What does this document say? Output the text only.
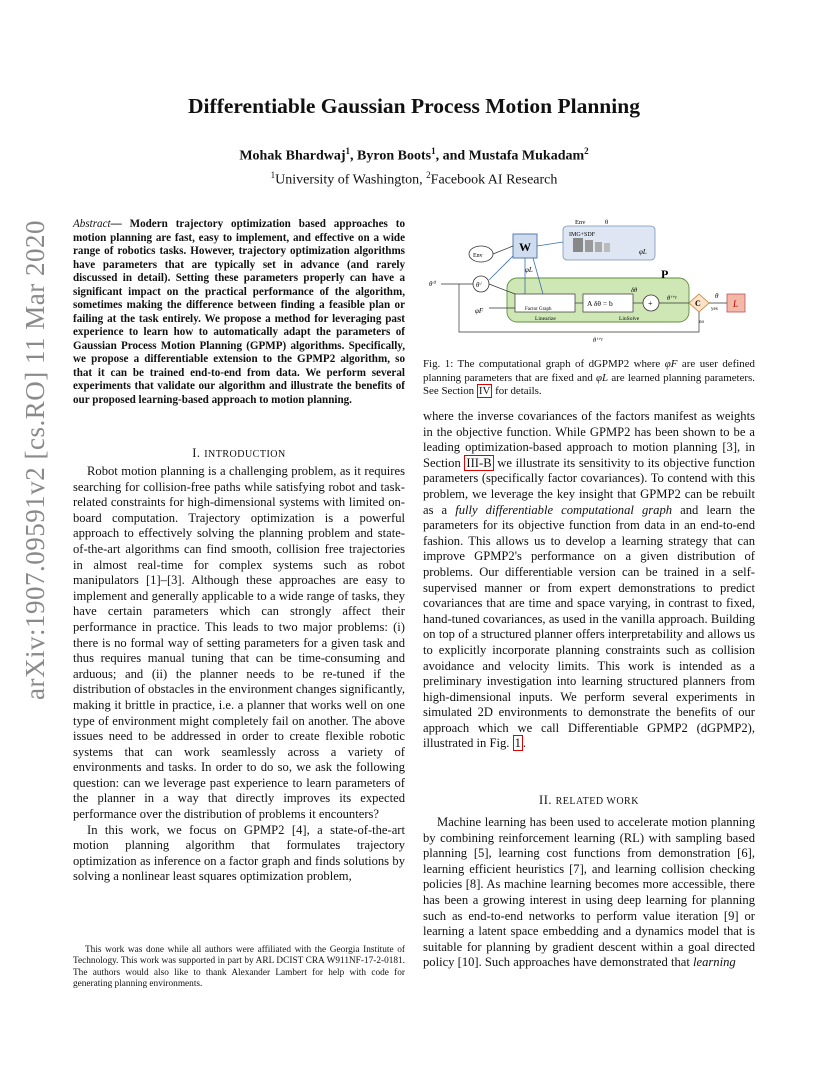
arXiv:1907.09591v2 [cs.RO] 11 Mar 2020
Differentiable Gaussian Process Motion Planning
Mohak Bhardwaj$^1$, Byron Boots$^1$, and Mustafa Mukadam$^2$
$^1$University of Washington, $^2$Facebook AI Research
Abstract— Modern trajectory optimization based approaches to motion planning are fast, easy to implement, and effective on a wide range of robotics tasks. However, trajectory optimization algorithms have parameters that are typically set in advance (and rarely discussed in detail). Setting these parameters properly can have a significant impact on the practical performance of the algorithm, sometimes making the difference between finding a feasible plan or failing at the task entirely. We propose a method for leveraging past experience to learn how to automatically adapt the parameters of Gaussian Process Motion Planning (GPMP) algorithms. Specifically, we propose a differentiable extension to the GPMP2 algorithm, so that it can be trained end-to-end from data. We perform several experiments that validate our algorithm and illustrate the benefits of our proposed learning-based approach to motion planning.
I. INTRODUCTION

Robot motion planning is a challenging problem, as it requires searching for collision-free paths while satisfying robot and task-related constraints for high-dimensional systems with limited on-board computation. Trajectory optimization is a powerful approach to effectively solving the planning problem and state-of-the-art algorithms can find smooth, collision free trajectories in almost real-time for complex systems such as robot manipulators [1]–[3]. Although these approaches are easy to implement and generally applicable to a wide range of tasks, they have certain parameters which can strongly affect their performance in practice. This leads to two major problems: (i) there is no formal way of setting parameters for a given task and thus requires manual tuning that can be time-consuming and arduous; and (ii) the planner needs to be re-tuned if the distribution of obstacles in the environment changes significantly, making it brittle in practice, i.e. a planner that works well on one type of environment might completely fail on another. The above issues need to be addressed in order to create flexible robotic systems that can work seamlessly across a variety of environments and tasks. In order to do so, we ask the following question: can we leverage past experience to learn parameters of the planner in a way that directly improves its expected performance over the distribution of problems it encounters?

In this work, we focus on GPMP2 [4], a state-of-the-art motion planning algorithm that formulates trajectory optimization as inference on a factor graph and finds solutions by solving a nonlinear least squares optimization problem,

This work was done while all authors were affiliated with the Georgia Institute of Technology. This work was supported in part by ARL DCIST CRA W911NF-17-2-0181. The authors would also like to thank Alexander Lambert for help with code for generating planning environments.

IMG+SDF
Env	θ
φL
Env
W
φL
θ⁰	θⁱ
φF
P
Factor Graph
Linearize
A δθ = b
LinSolve
δθ
+
θⁱ⁺¹
C
yes
no
θ
L
θⁱ⁺¹
Fig. 1: The computational graph of dGPMP2 where φF are user defined planning parameters that are fixed and φL are learned planning parameters. See Section IV for details.

where the inverse covariances of the factors manifest as weights in the objective function. While GPMP2 has been shown to be a leading optimization-based approach to motion planning [3], in Section III-B we illustrate its sensitivity to its objective function parameters (specifically factor covariances). To contend with this problem, we leverage the key insight that GPMP2 can be rebuilt as a fully differentiable computational graph and learn the parameters for its objective function from data in an end-to-end fashion. This allows us to develop a learning strategy that can improve GPMP2's performance on a given distribution of problems. Our differentiable version can be trained in a self-supervised manner or from expert demonstrations to predict covariances that are time and space varying, in contrast to fixed, hand-tuned covariances, as used in the vanilla approach. Building on top of a structured planner offers interpretability and allows us to explicitly incorporate planning constraints such as collision avoidance and velocity limits. This work is intended as a preliminary investigation into learning structured planners from high-dimensional inputs. We perform several experiments in simulated 2D environments to demonstrate the benefits of our approach which we call Differentiable GPMP2 (dGPMP2), illustrated in Fig. 1 .

II. RELATED WORK

Machine learning has been used to accelerate motion planning by combining reinforcement learning (RL) with sampling based planning [5], learning cost functions from demonstration [6], learning efficient heuristics [7], and learning collision checking policies [8]. As machine learning becomes more accessible, there has been a growing interest in using deep learning for planning such as end-to-end networks to perform value iteration [9] or learning a latent space embedding and a dynamics model that is suitable for planning by gradient descent within a goal directed policy [10]. Such approaches have demonstrated that learning
